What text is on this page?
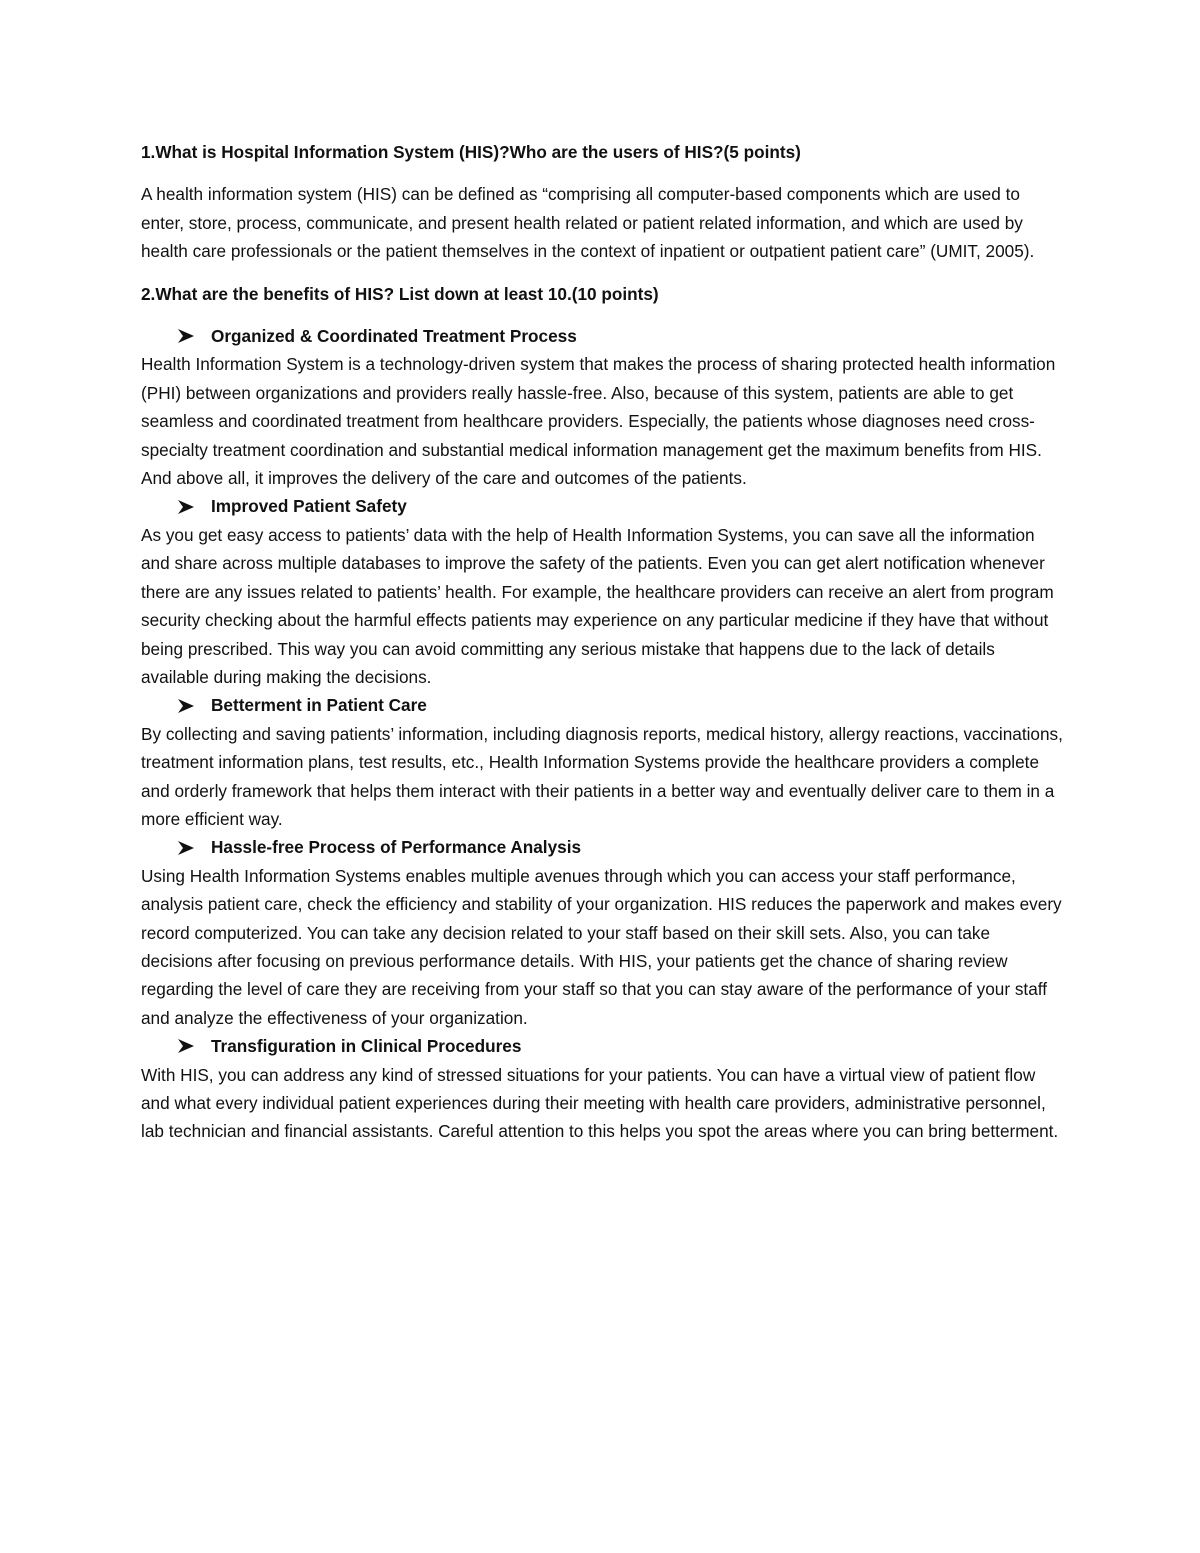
1.What is Hospital Information System (HIS)?Who are the users of HIS?(5 points)

A health information system (HIS) can be defined as “comprising all computer-based components which are used to enter, store, process, communicate, and present health related or patient related information, and which are used by health care professionals or the patient themselves in the context of inpatient or outpatient patient care” (UMIT, 2005).

2.What are the benefits of HIS? List down at least 10.(10 points)

Organized & Coordinated Treatment Process

Health Information System is a technology-driven system that makes the process of sharing protected health information (PHI) between organizations and providers really hassle-free. Also, because of this system, patients are able to get seamless and coordinated treatment from healthcare providers. Especially, the patients whose diagnoses need cross-specialty treatment coordination and substantial medical information management get the maximum benefits from HIS. And above all, it improves the delivery of the care and outcomes of the patients.

Improved Patient Safety

As you get easy access to patients’ data with the help of Health Information Systems, you can save all the information and share across multiple databases to improve the safety of the patients. Even you can get alert notification whenever there are any issues related to patients’ health. For example, the healthcare providers can receive an alert from program security checking about the harmful effects patients may experience on any particular medicine if they have that without being prescribed. This way you can avoid committing any serious mistake that happens due to the lack of details available during making the decisions.

Betterment in Patient Care

By collecting and saving patients’ information, including diagnosis reports, medical history, allergy reactions, vaccinations, treatment information plans, test results, etc., Health Information Systems provide the healthcare providers a complete and orderly framework that helps them interact with their patients in a better way and eventually deliver care to them in a more efficient way.

Hassle-free Process of Performance Analysis

Using Health Information Systems enables multiple avenues through which you can access your staff performance, analysis patient care, check the efficiency and stability of your organization. HIS reduces the paperwork and makes every record computerized. You can take any decision related to your staff based on their skill sets. Also, you can take decisions after focusing on previous performance details. With HIS, your patients get the chance of sharing review regarding the level of care they are receiving from your staff so that you can stay aware of the performance of your staff and analyze the effectiveness of your organization.

Transfiguration in Clinical Procedures

With HIS, you can address any kind of stressed situations for your patients. You can have a virtual view of patient flow and what every individual patient experiences during their meeting with health care providers, administrative personnel, lab technician and financial assistants. Careful attention to this helps you spot the areas where you can bring betterment.
